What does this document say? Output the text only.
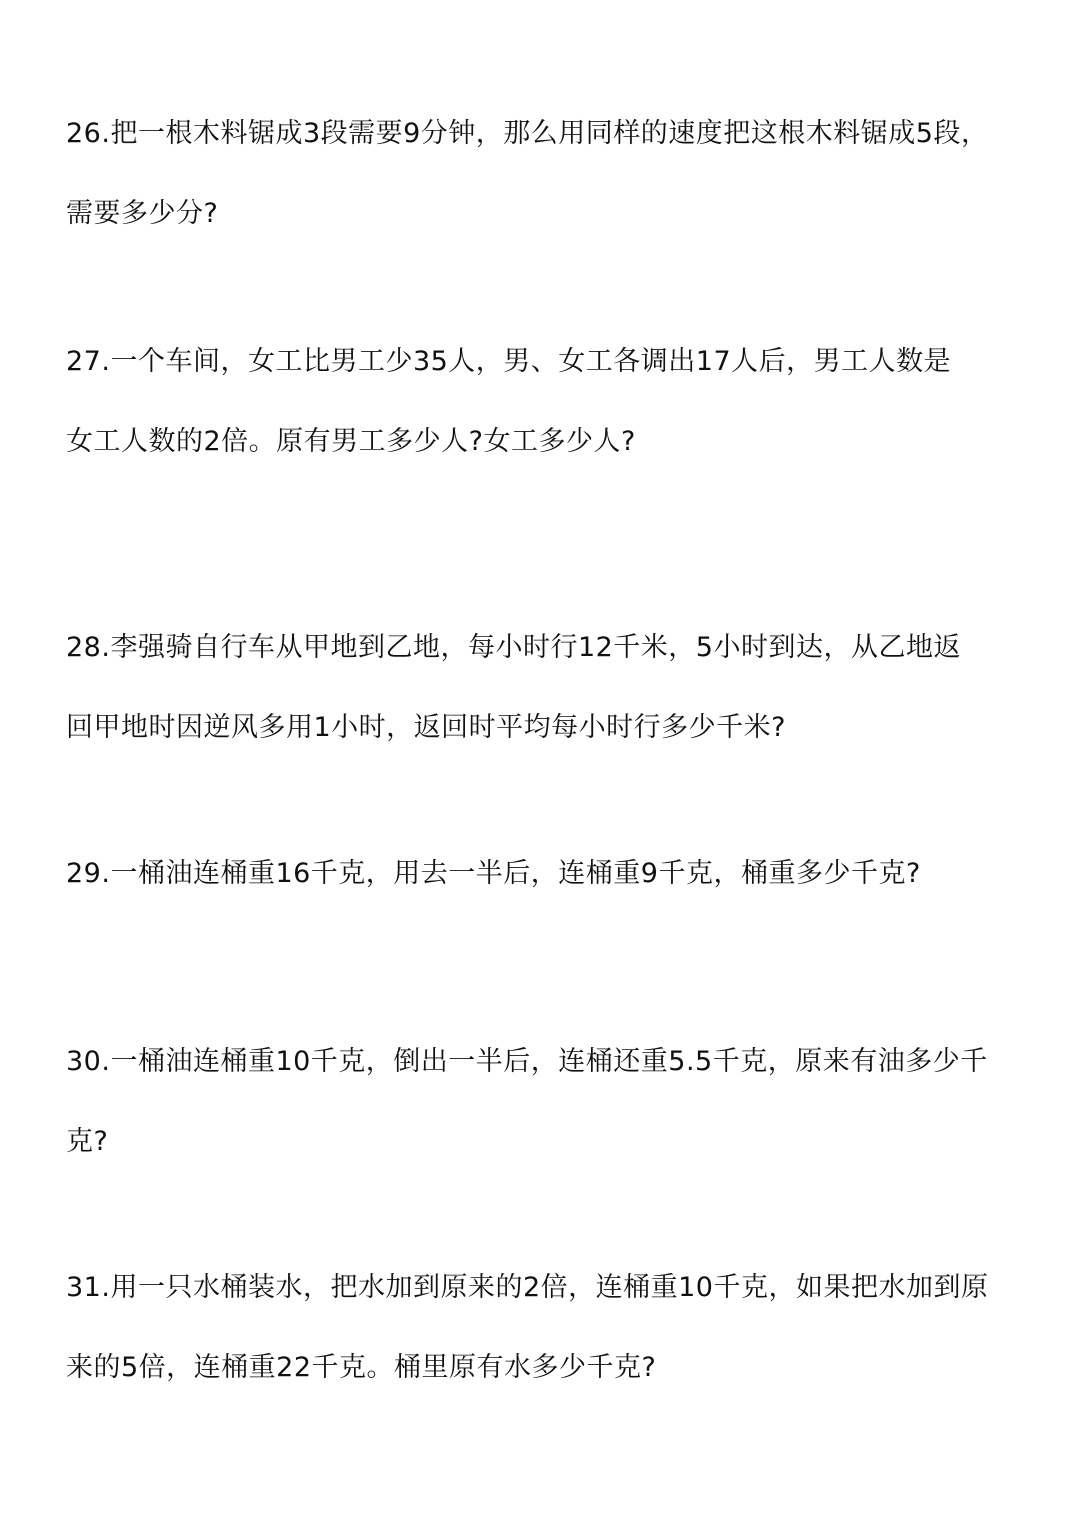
26.把一根木料锯成3段需要9分钟，那么用同样的速度把这根木料锯成5段，

需要多少分?

27.一个车间，女工比男工少35人，男、女工各调出17人后，男工人数是

女工人数的2倍。原有男工多少人?女工多少人?

28.李强骑自行车从甲地到乙地，每小时行12千米，5小时到达，从乙地返

回甲地时因逆风多用1小时，返回时平均每小时行多少千米?

29.一桶油连桶重16千克，用去一半后，连桶重9千克，桶重多少千克?

30.一桶油连桶重10千克，倒出一半后，连桶还重5.5千克，原来有油多少千

克?

31.用一只水桶装水，把水加到原来的2倍，连桶重10千克，如果把水加到原

来的5倍，连桶重22千克。桶里原有水多少千克?
